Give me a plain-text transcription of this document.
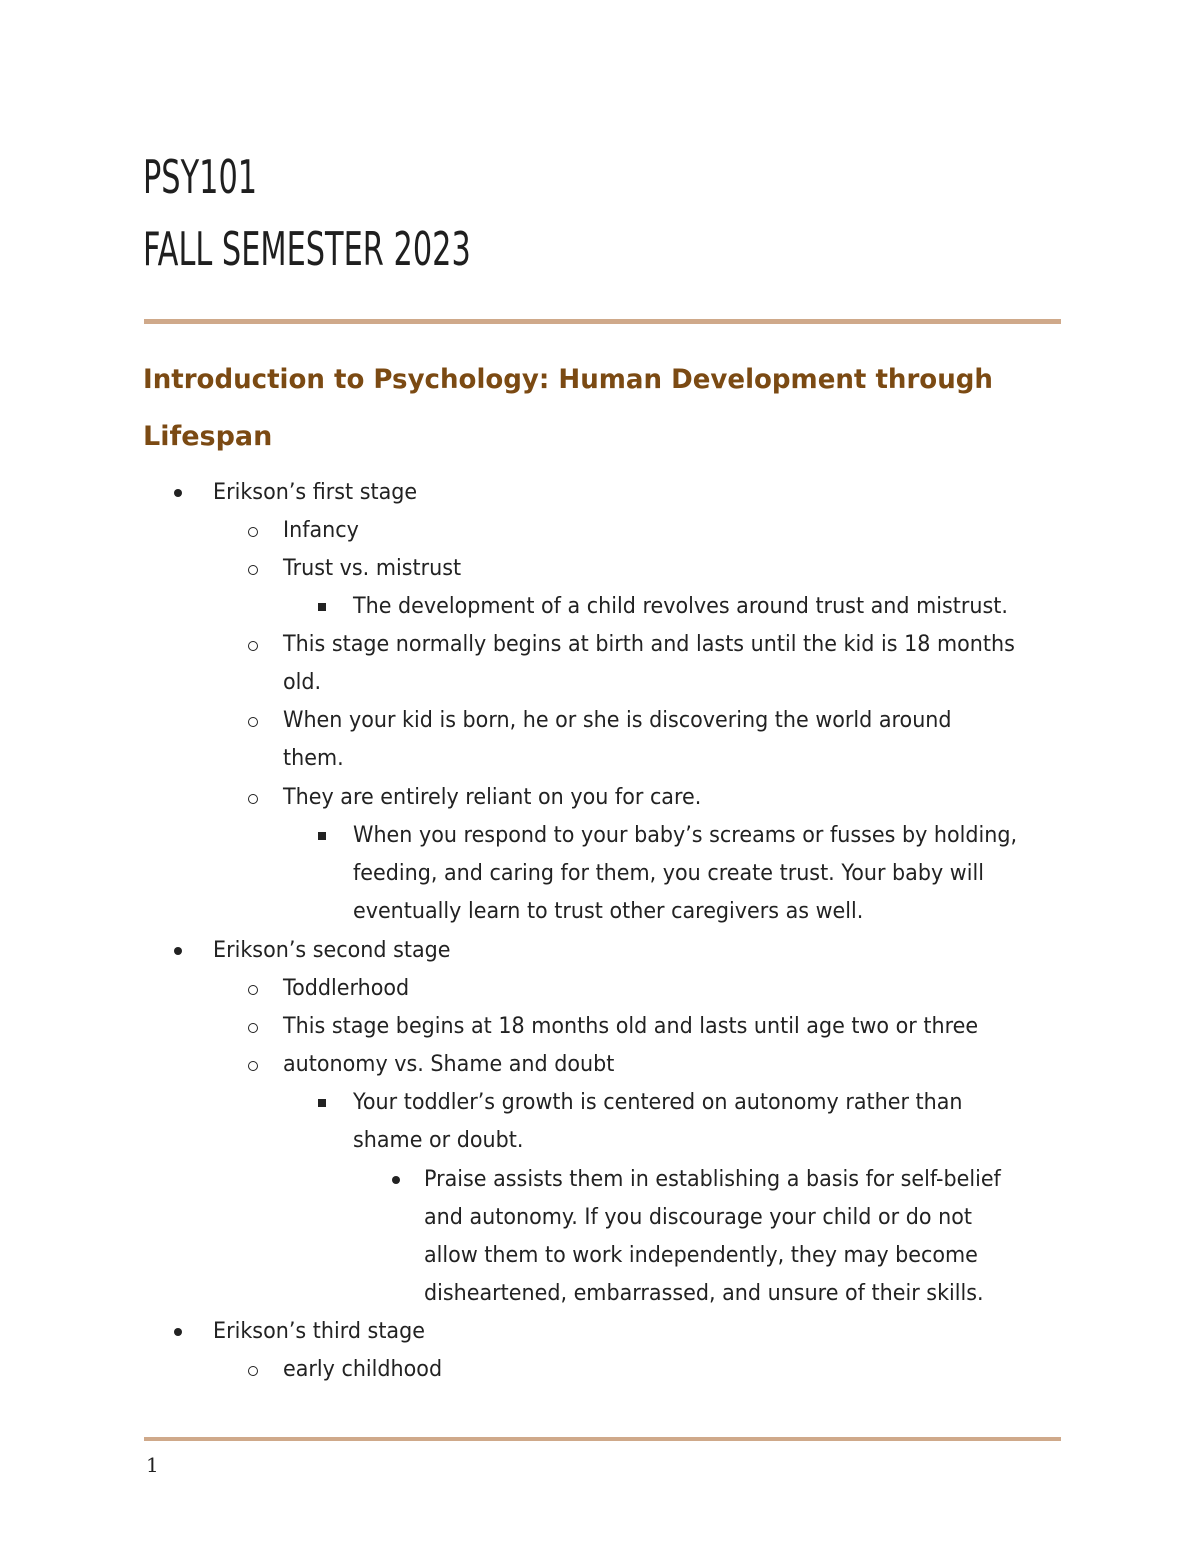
PSY101
FALL SEMESTER 2023
Introduction to Psychology: Human Development through
Lifespan
Erikson’s first stage
Infancy
Trust vs. mistrust
The development of a child revolves around trust and mistrust.
This stage normally begins at birth and lasts until the kid is 18 months
old.
When your kid is born, he or she is discovering the world around
them.
They are entirely reliant on you for care.
When you respond to your baby’s screams or fusses by holding,
feeding, and caring for them, you create trust. Your baby will
eventually learn to trust other caregivers as well.
Erikson’s second stage
Toddlerhood
This stage begins at 18 months old and lasts until age two or three
autonomy vs. Shame and doubt
Your toddler’s growth is centered on autonomy rather than
shame or doubt.
Praise assists them in establishing a basis for self-belief
and autonomy. If you discourage your child or do not
allow them to work independently, they may become
disheartened, embarrassed, and unsure of their skills.
Erikson’s third stage
early childhood
1
